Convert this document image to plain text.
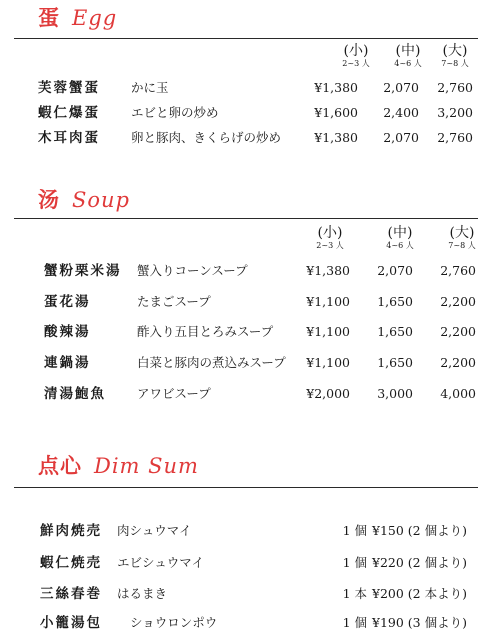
蛋 Egg
(小)
2~3 人
(中)
4~6 人
(大)
7~8 人
芙蓉蟹蛋 かに玉	¥1,380	2,070	2,760
蝦仁爆蛋 エビと卵の炒め	¥1,600	2,400	3,200
木耳肉蛋 卵と豚肉、きくらげの炒め	¥1,380	2,070	2,760
汤 Soup
(小)
2~3 人
(中)
4~6 人
(大)
7~8 人
蟹粉栗米湯 蟹入りコーンスープ	¥1,380	2,070	2,760
蛋花湯	たまごスープ	¥1,100	1,650	2,200
酸辣湯	酢入り五目とろみスープ	¥1,100	1,650	2,200
連鍋湯	白菜と豚肉の煮込みスープ	¥1,100	1,650	2,200
清湯鮑魚 アワビスープ	¥2,000	3,000	4,000
点心 Dim Sum
鮮肉焼売 肉シュウマイ	1 個 ¥150 (2 個より)
蝦仁焼売 エビシュウマイ	1 個 ¥220 (2 個より)
三絲春巻 はるまき	1 本 ¥200 (2 本より)
小籠湯包 ショウロンポウ	1 個 ¥190 (3 個より)
